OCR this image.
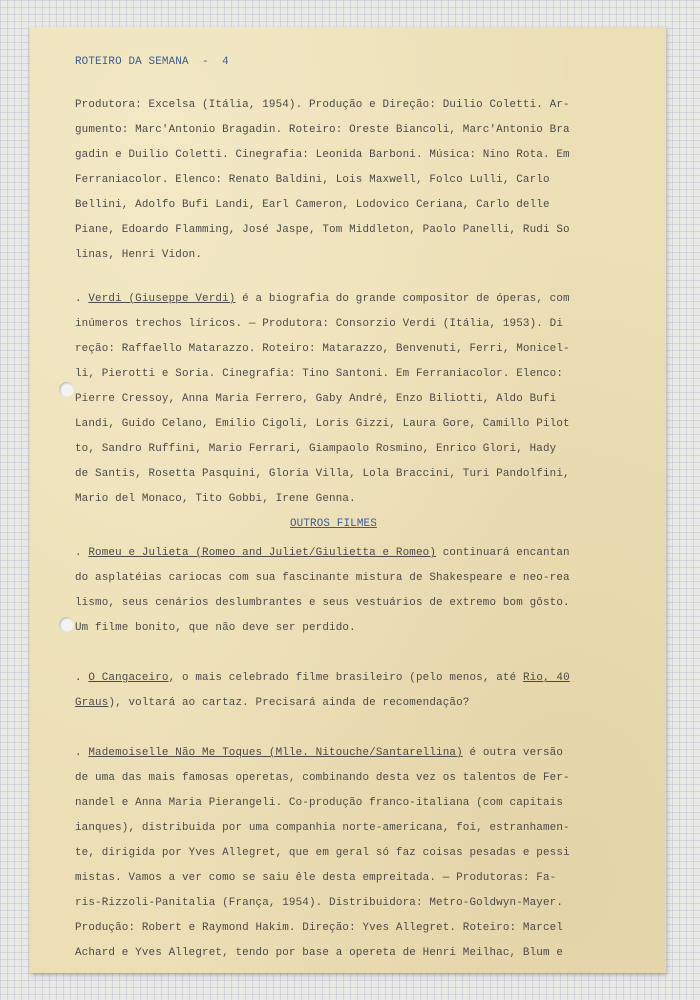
ROTEIRO DA SEMANA  -  4
Produtora: Excelsa (Itália, 1954). Produção e Direção: Duilio Coletti. Ar-
gumento: Marc'Antonio Bragadin. Roteiro: Oreste Biancoli, Marc'Antonio Bra
gadin e Duilio Coletti. Cinegrafia: Leonida Barboni. Música: Nino Rota. Em
Ferraniacolor. Elenco: Renato Baldini, Lois Maxwell, Folco Lulli, Carlo
Bellini, Adolfo Bufi Landi, Earl Cameron, Lodovico Ceriana, Carlo delle
Piane, Edoardo Flamming, José Jaspe, Tom Middleton, Paolo Panelli, Rudi So
linas, Henri Vidon.
. Verdi (Giuseppe Verdi) é a biografia do grande compositor de óperas, com
inúmeros trechos líricos. — Produtora: Consorzio Verdi (Itália, 1953). Di
reção: Raffaello Matarazzo. Roteiro: Matarazzo, Benvenuti, Ferri, Monicel-
li, Pierotti e Soria. Cinegrafia: Tino Santoni. Em Ferraniacolor. Elenco:
Pierre Cressoy, Anna Maria Ferrero, Gaby André, Enzo Biliotti, Aldo Bufi
Landi, Guido Celano, Emilio Cigoli, Loris Gizzi, Laura Gore, Camillo Pilot
to, Sandro Ruffini, Mario Ferrari, Giampaolo Rosmino, Enrico Glori, Hady
de Santis, Rosetta Pasquini, Gloria Villa, Lola Braccini, Turi Pandolfini,
Mario del Monaco, Tito Gobbi, Irene Genna.
OUTROS FILMES
. Romeu e Julieta (Romeo and Juliet/Giulietta e Romeo) continuará encantan
do asplatéias cariocas com sua fascinante mistura de Shakespeare e neo-rea
lismo, seus cenários deslumbrantes e seus vestuários de extremo bom gôsto.
Um filme bonito, que não deve ser perdido.
. O Cangaceiro, o mais celebrado filme brasileiro (pelo menos, até Rio, 40
Graus), voltará ao cartaz. Precisará ainda de recomendação?
. Mademoiselle Não Me Toques (Mlle. Nitouche/Santarellina) é outra versão
de uma das mais famosas operetas, combinando desta vez os talentos de Fer-
nandel e Anna Maria Pierangeli. Co-produção franco-italiana (com capitais
ianques), distribuida por uma companhia norte-americana, foi, estranhamen-
te, dirigida por Yves Allegret, que em geral só faz coisas pesadas e pessi
mistas. Vamos a ver como se saiu êle desta empreitada. — Produtoras: Fa-
ris-Rizzoli-Panitalia (França, 1954). Distribuidora: Metro-Goldwyn-Mayer.
Produção: Robert e Raymond Hakim. Direção: Yves Allegret. Roteiro: Marcel
Achard e Yves Allegret, tendo por base a opereta de Henri Meilhac, Blum e
